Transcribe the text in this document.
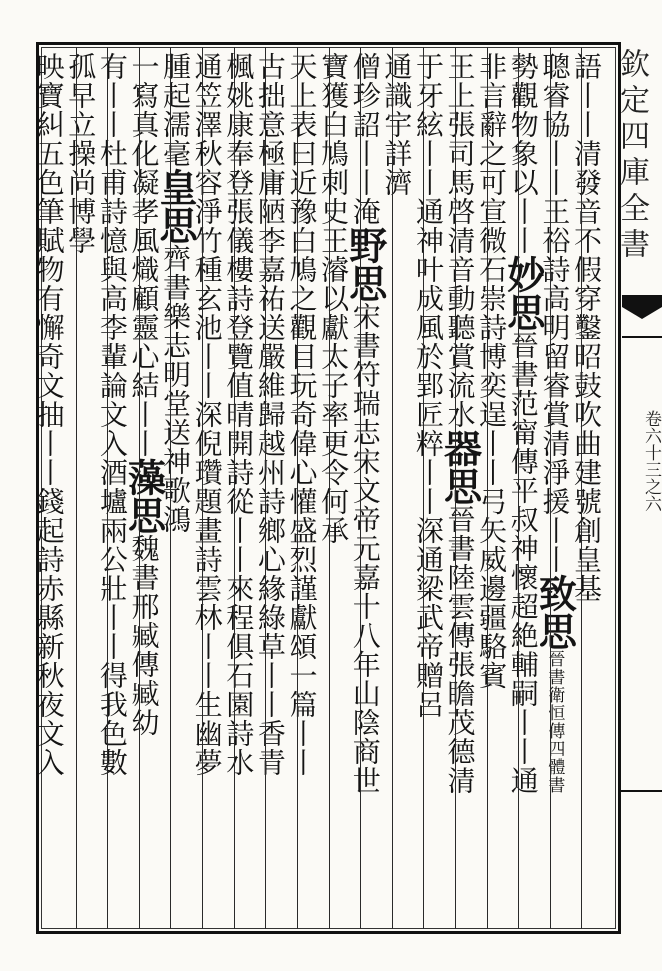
欽定四庫全書
卷六十三之六
語丨丨清發音不假穿鑿昭鼓吹曲建號創皇基
聰睿協丨丨王𥙿詩高明留睿賞清淨援丨丨致思晉書衛恒傳四體書
勢觀物象以丨丨妙思晉書范甯傳平叔神懷超絶輔嗣丨丨通
非言辭之可宣微石崇詩博奕逞丨丨弓矢威邊疆駱賓
王上張司馬啓清音動聽賞流水器思晉書陸雲傳張瞻茂德清
于牙絃丨丨通神叶成風於郢匠粹丨丨深通梁武帝贈呂
通識宇詳濟
僧珍詔丨丨淹野思宋書符瑞志宋文帝元嘉十八年山陰商世
寶獲白鳩刺史王濬以獻太子率更令何承
天上表曰近豫白鳩之觀目玩奇偉心懽盛烈謹獻頌一篇丨丨
古拙意極庸陋李嘉祐送嚴維歸越州詩鄉心緣綠草丨丨香青
楓姚康奉登張儀樓詩登覽值晴開詩從丨丨來程俱石園詩水
通笠澤秋容淨竹種玄池丨丨深倪瓚題畫詩雲林丨丨生幽夢
腫起濡毫皇思齊書樂志明堂送神歌鴻
一寫真化凝孝風熾顧靈心結丨丨藻思魏書邢臧傳臧幼
有丨丨杜甫詩憶與高李輩論文入酒壚兩公壯丨丨得我色數
孤早立操尚博學
映寶糾五色筆賦物有懈奇文抽丨丨錢起詩赤縣新秋夜文入
